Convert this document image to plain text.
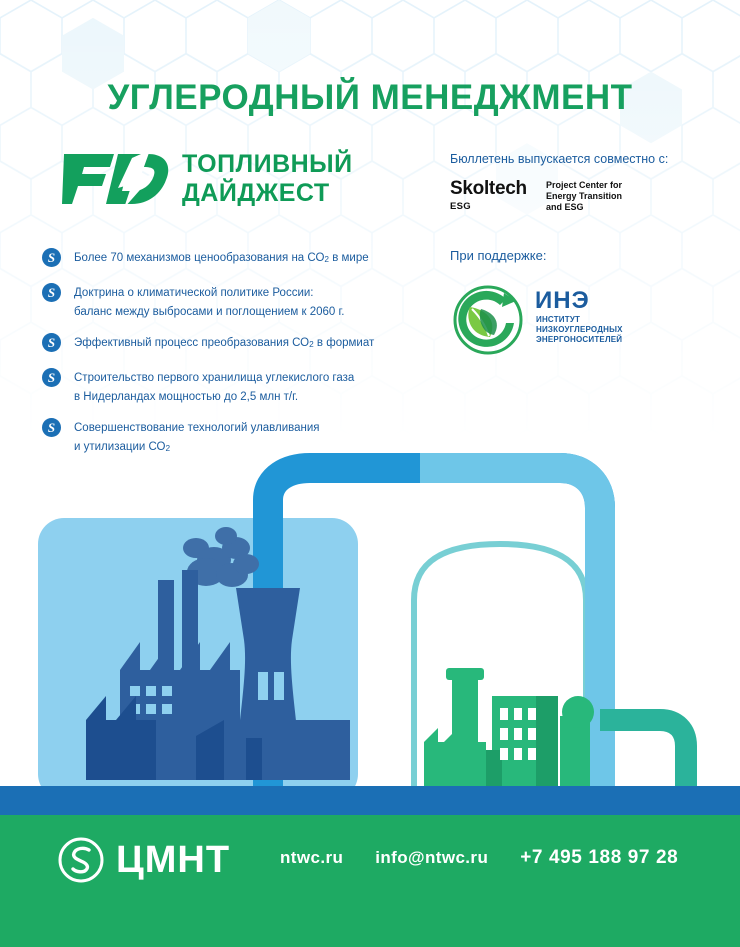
УГЛЕРОДНЫЙ МЕНЕДЖМЕНТ
ТОПЛИВНЫЙ
ДАЙДЖЕСТ
S	Более 70 механизмов ценообразования на СО2 в мире
S	Доктрина о климатической политике России:
баланс между выбросами и поглощением к 2060 г.
S	Эффективный процесс преобразования СО2 в формиат
S	Строительство первого хранилища углекислого газа
в Нидерландах мощностью до 2,5 млн т/г.
S	Совершенствование технологий улавливания
и утилизации СО2
Бюллетень выпускается совместно с:
Skoltech
ESG
Project Center for
Energy Transition
and ESG
При поддержке:
ИНЭ
ИНСТИТУТ
НИЗКОУГЛЕРОДНЫХ
ЭНЕРГОНОСИТЕЛЕЙ
ЦМНТ	ntwc.ru info@ntwc.ru +7 495 188 97 28
